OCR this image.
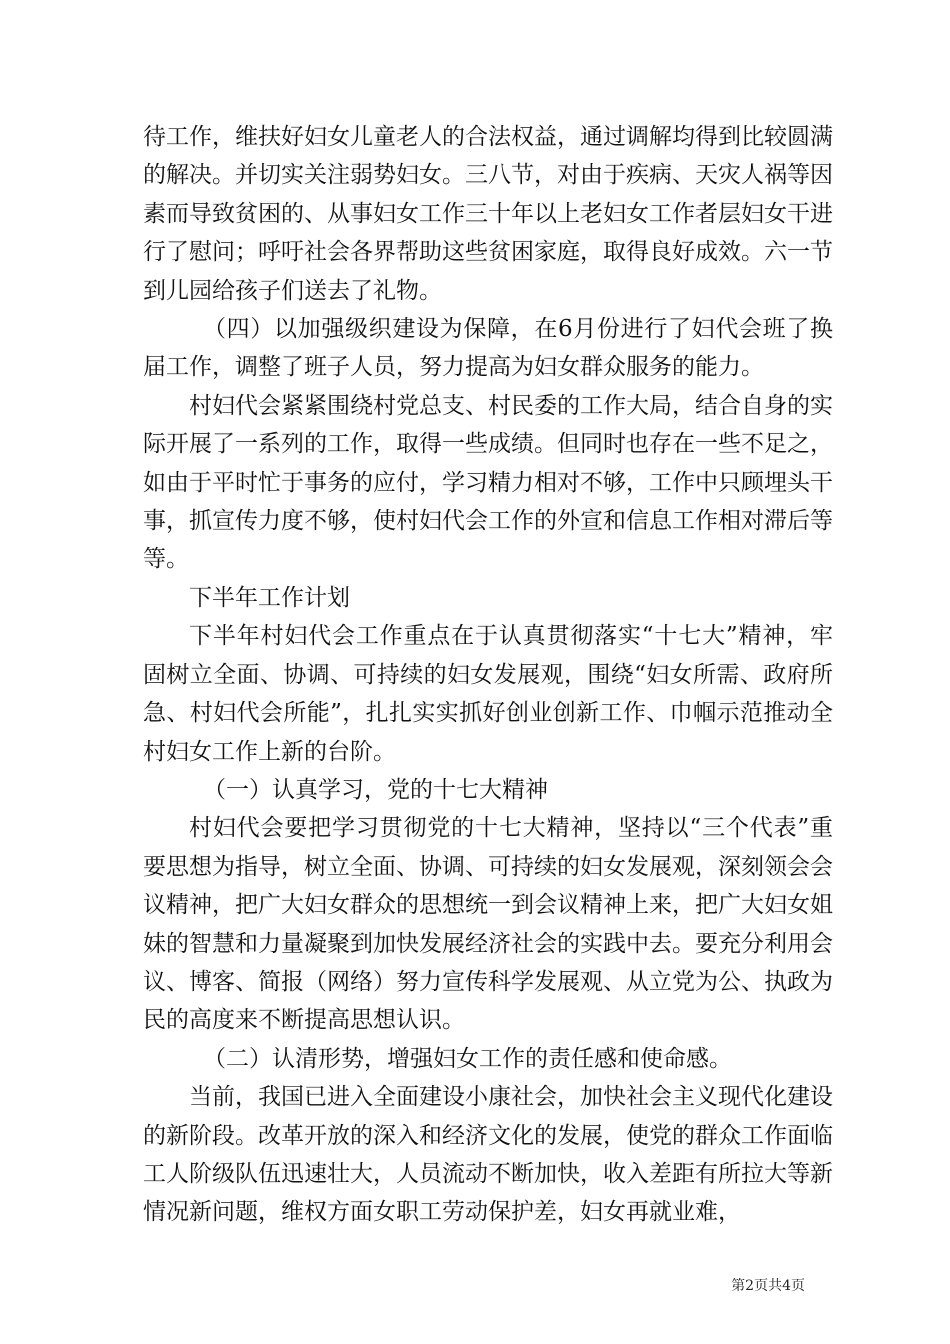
待工作，维扶好妇女儿童老人的合法权益，通过调解均得到比较圆满的解决。并切实关注弱势妇女。三八节，对由于疾病、天灾人祸等因素而导致贫困的、从事妇女工作三十年以上老妇女工作者层妇女干进行了慰问；呼吁社会各界帮助这些贫困家庭，取得良好成效。六一节到儿园给孩子们送去了礼物。

（四）以加强级织建设为保障，在6月份进行了妇代会班了换届工作，调整了班子人员，努力提高为妇女群众服务的能力。

村妇代会紧紧围绕村党总支、村民委的工作大局，结合自身的实际开展了一系列的工作，取得一些成绩。但同时也存在一些不足之，如由于平时忙于事务的应付，学习精力相对不够，工作中只顾埋头干事，抓宣传力度不够，使村妇代会工作的外宣和信息工作相对滞后等等。

下半年工作计划

下半年村妇代会工作重点在于认真贯彻落实“十七大”精神，牢固树立全面、协调、可持续的妇女发展观，围绕“妇女所需、政府所急、村妇代会所能”，扎扎实实抓好创业创新工作、巾帼示范推动全村妇女工作上新的台阶。

（一）认真学习，党的十七大精神

村妇代会要把学习贯彻党的十七大精神，坚持以“三个代表”重要思想为指导，树立全面、协调、可持续的妇女发展观，深刻领会会议精神，把广大妇女群众的思想统一到会议精神上来，把广大妇女姐妹的智慧和力量凝聚到加快发展经济社会的实践中去。要充分利用会议、博客、简报（网络）努力宣传科学发展观、从立党为公、执政为民的高度来不断提高思想认识。

（二）认清形势，增强妇女工作的责任感和使命感。

当前，我国已进入全面建设小康社会，加快社会主义现代化建设的新阶段。改革开放的深入和经济文化的发展，使党的群众工作面临工人阶级队伍迅速壮大，人员流动不断加快，收入差距有所拉大等新情况新问题，维权方面女职工劳动保护差，妇女再就业难，

第2页共4页
